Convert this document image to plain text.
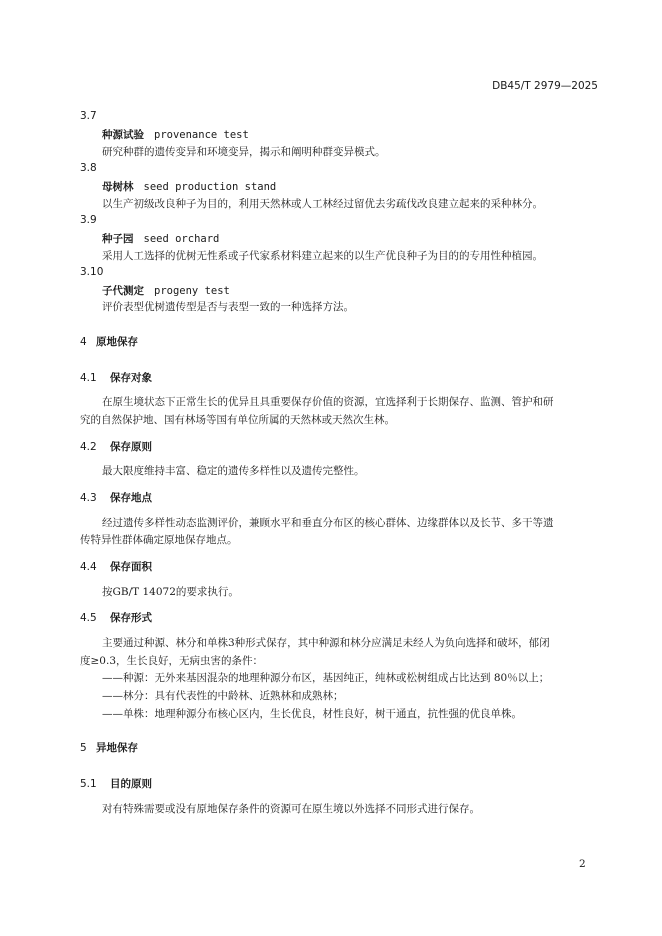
DB45/T 2979—2025
3.7
种源试验 provenance test
研究种群的遗传变异和环境变异，揭示和阐明种群变异模式。
3.8
母树林 seed production stand
以生产初级改良种子为目的，利用天然林或人工林经过留优去劣疏伐改良建立起来的采种林分。
3.9
种子园 seed orchard
采用人工选择的优树无性系或子代家系材料建立起来的以生产优良种子为目的的专用性种植园。
3.10
子代测定 progeny test
评价表型优树遗传型是否与表型一致的一种选择方法。
4 原地保存
4.1 保存对象
在原生境状态下正常生长的优异且具重要保存价值的资源，宜选择利于长期保存、监测、管护和研
究的自然保护地、国有林场等国有单位所属的天然林或天然次生林。
4.2 保存原则
最大限度维持丰富、稳定的遗传多样性以及遗传完整性。
4.3 保存地点
经过遗传多样性动态监测评价，兼顾水平和垂直分布区的核心群体、边缘群体以及长节、多干等遗
传特异性群体确定原地保存地点。
4.4 保存面积
按GB/T 14072的要求执行。
4.5 保存形式
主要通过种源、林分和单株3种形式保存，其中种源和林分应满足未经人为负向选择和破坏，郁闭
度≥0.3，生长良好，无病虫害的条件：
——种源：无外来基因混杂的地理种源分布区，基因纯正，纯林或松树组成占比达到 80％以上；
——林分：具有代表性的中龄林、近熟林和成熟林；
——单株：地理种源分布核心区内，生长优良，材性良好，树干通直，抗性强的优良单株。
5 异地保存
5.1 目的原则
对有特殊需要或没有原地保存条件的资源可在原生境以外选择不同形式进行保存。
2
